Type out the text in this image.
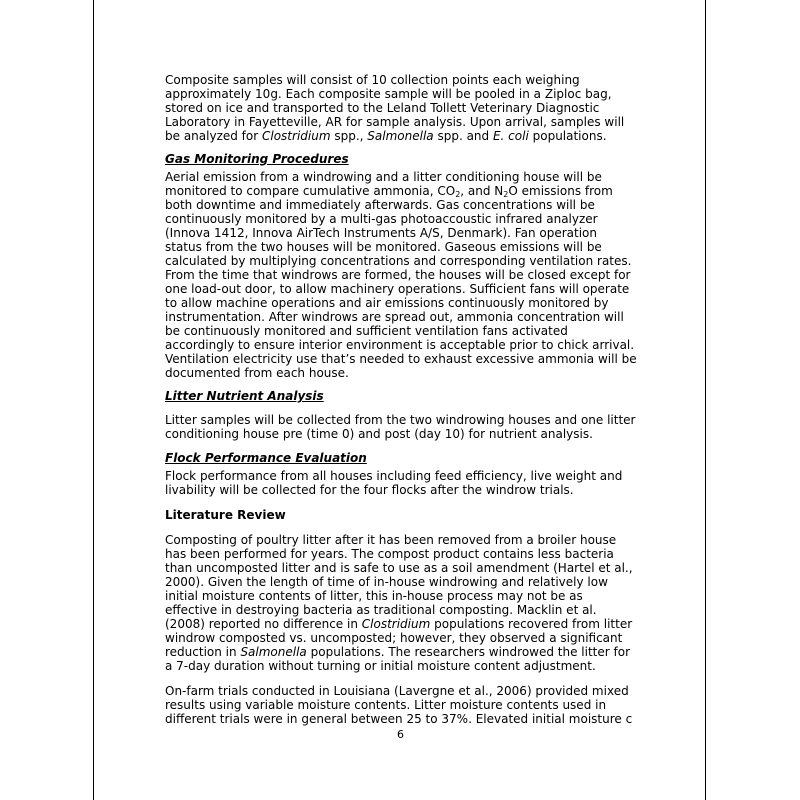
Composite samples will consist of 10 collection points each weighing approximately 10g. Each composite sample will be pooled in a Ziploc bag, stored on ice and transported to the Leland Tollett Veterinary Diagnostic Laboratory in Fayetteville, AR for sample analysis. Upon arrival, samples will be analyzed for Clostridium spp., Salmonella spp. and E. coli populations.

Gas Monitoring Procedures

Aerial emission from a windrowing and a litter conditioning house will be monitored to compare cumulative ammonia, $CO_2$, and $N_2O$ emissions from both downtime and immediately afterwards. Gas concentrations will be continuously monitored by a multi-gas photoaccoustic infrared analyzer (Innova 1412, Innova AirTech Instruments A/S, Denmark). Fan operation status from the two houses will be monitored. Gaseous emissions will be calculated by multiplying concentrations and corresponding ventilation rates. From the time that windrows are formed, the houses will be closed except for one load-out door, to allow machinery operations. Sufficient fans will operate to allow machine operations and air emissions continuously monitored by instrumentation. After windrows are spread out, ammonia concentration will be continuously monitored and sufficient ventilation fans activated accordingly to ensure interior environment is acceptable prior to chick arrival. Ventilation electricity use that’s needed to exhaust excessive ammonia will be documented from each house.

Litter Nutrient Analysis

Litter samples will be collected from the two windrowing houses and one litter conditioning house pre (time 0) and post (day 10) for nutrient analysis.

Flock Performance Evaluation

Flock performance from all houses including feed efficiency, live weight and livability will be collected for the four flocks after the windrow trials.

Literature Review

Composting of poultry litter after it has been removed from a broiler house has been performed for years. The compost product contains less bacteria than uncomposted litter and is safe to use as a soil amendment (Hartel et al., 2000). Given the length of time of in-house windrowing and relatively low initial moisture contents of litter, this in-house process may not be as effective in destroying bacteria as traditional composting. Macklin et al. (2008) reported no difference in Clostridium populations recovered from litter windrow composted vs. uncomposted; however, they observed a significant reduction in Salmonella populations. The researchers windrowed the litter for a 7-day duration without turning or initial moisture content adjustment.

On-farm trials conducted in Louisiana (Lavergne et al., 2006) provided mixed results using variable moisture contents. Litter moisture contents used in

different trials were in general between 25 to 37%. Elevated initial moisture c
6
